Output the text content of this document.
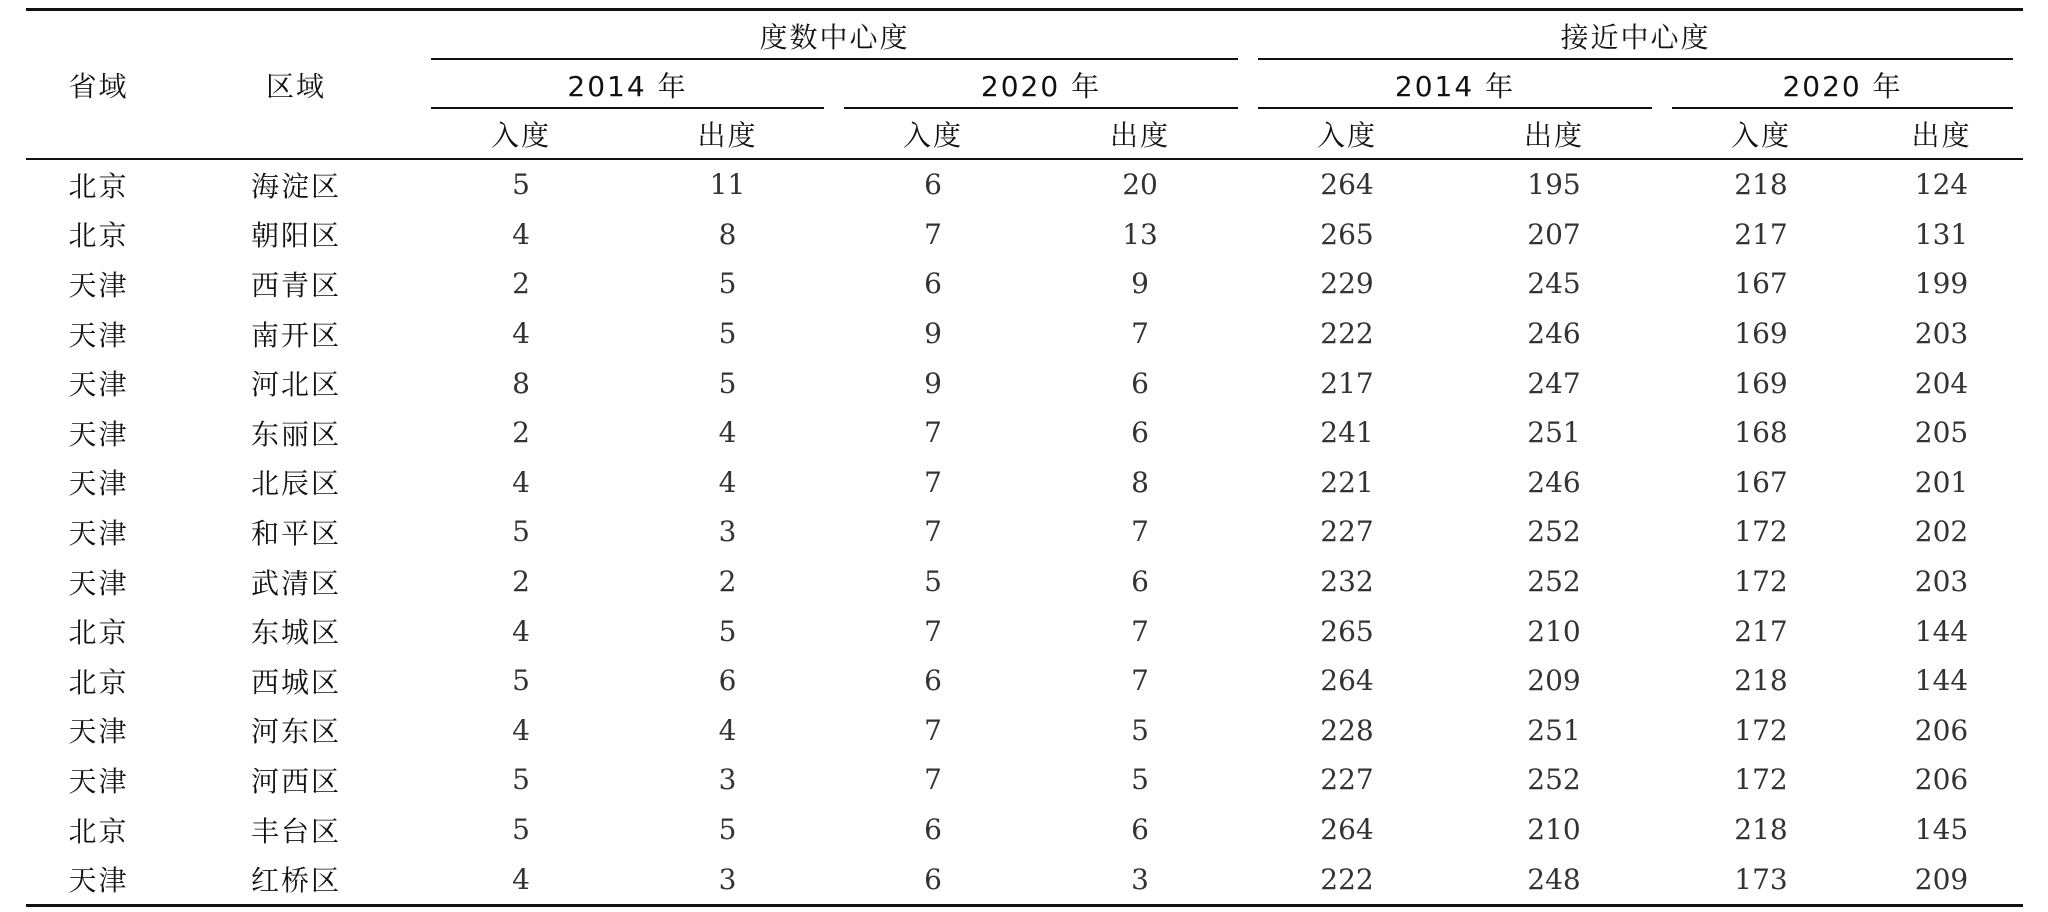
省域	区域	度数中心度				接近中心度			
		2014 年		2020 年		2014 年		2020 年	
		入度	出度	入度	出度	入度	出度	入度	出度
北京	海淀区	5	11	6	20	264	195	218	124
北京	朝阳区	4	8	7	13	265	207	217	131
天津	西青区	2	5	6	9	229	245	167	199
天津	南开区	4	5	9	7	222	246	169	203
天津	河北区	8	5	9	6	217	247	169	204
天津	东丽区	2	4	7	6	241	251	168	205
天津	北辰区	4	4	7	8	221	246	167	201
天津	和平区	5	3	7	7	227	252	172	202
天津	武清区	2	2	5	6	232	252	172	203
北京	东城区	4	5	7	7	265	210	217	144
北京	西城区	5	6	6	7	264	209	218	144
天津	河东区	4	4	7	5	228	251	172	206
天津	河西区	5	3	7	5	227	252	172	206
北京	丰台区	5	5	6	6	264	210	218	145
天津	红桥区	4	3	6	3	222	248	173	209
